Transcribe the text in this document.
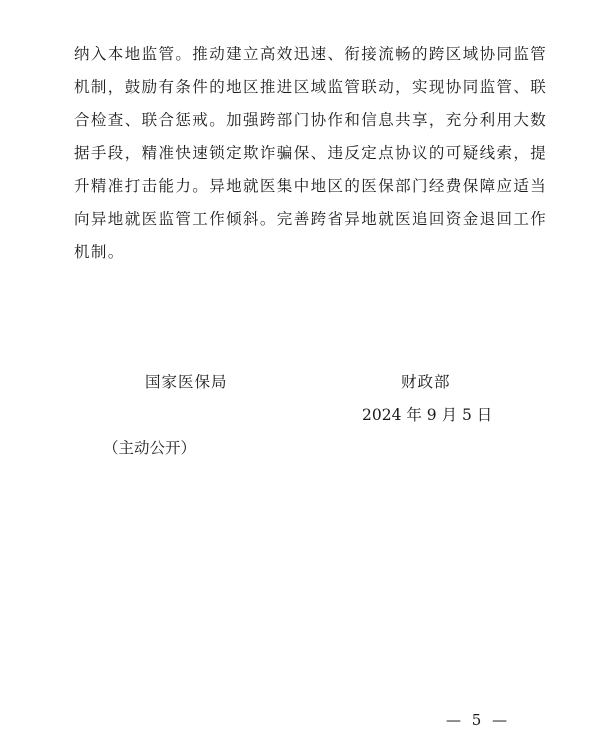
纳入本地监管。推动建立高效迅速、衔接流畅的跨区域协同监管
机制，鼓励有条件的地区推进区域监管联动，实现协同监管、联
合检查、联合惩戒。加强跨部门协作和信息共享，充分利用大数
据手段，精准快速锁定欺诈骗保、违反定点协议的可疑线索，提
升精准打击能力。异地就医集中地区的医保部门经费保障应适当
向异地就医监管工作倾斜。完善跨省异地就医追回资金退回工作
机制。
国家医保局	财政部
2024 年 9 月 5 日
（主动公开）
— 5 —
